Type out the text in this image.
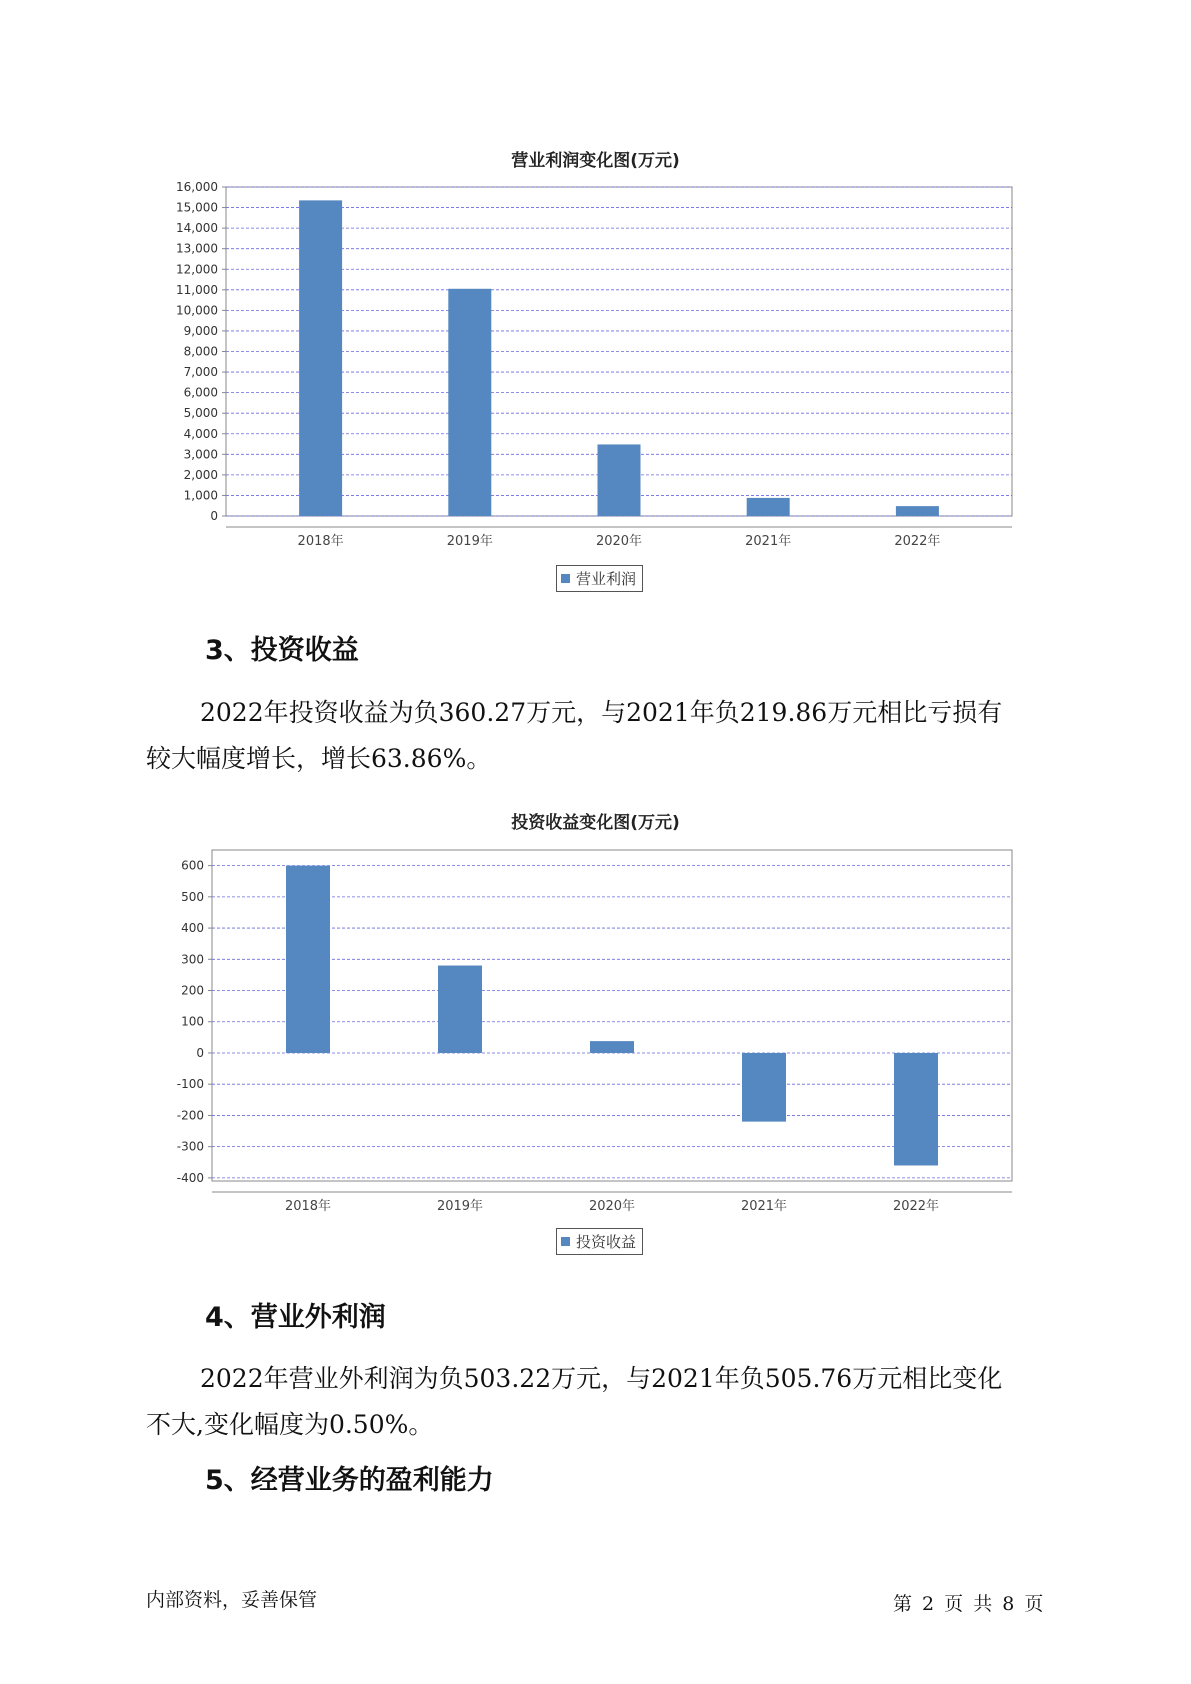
营业利润变化图(万元)
0
1,000
2,000
3,000
4,000
5,000
6,000
7,000
8,000
9,000
10,000
11,000
12,000
13,000
14,000
15,000
16,000
2018年	2019年	2020年	2021年	2022年
营业利润
3、投资收益
2022年投资收益为负360.27万元，与2021年负219.86万元相比亏损有
较大幅度增长，增长63.86%。
投资收益变化图(万元)
-400
-300
-200
-100
0
100
200
300
400
500
600
2018年	2019年	2020年	2021年	2022年
投资收益
4、营业外利润
2022年营业外利润为负503.22万元，与2021年负505.76万元相比变化
不大,变化幅度为0.50%。
5、经营业务的盈利能力
内部资料，妥善保管	第 2 页 共 8 页
